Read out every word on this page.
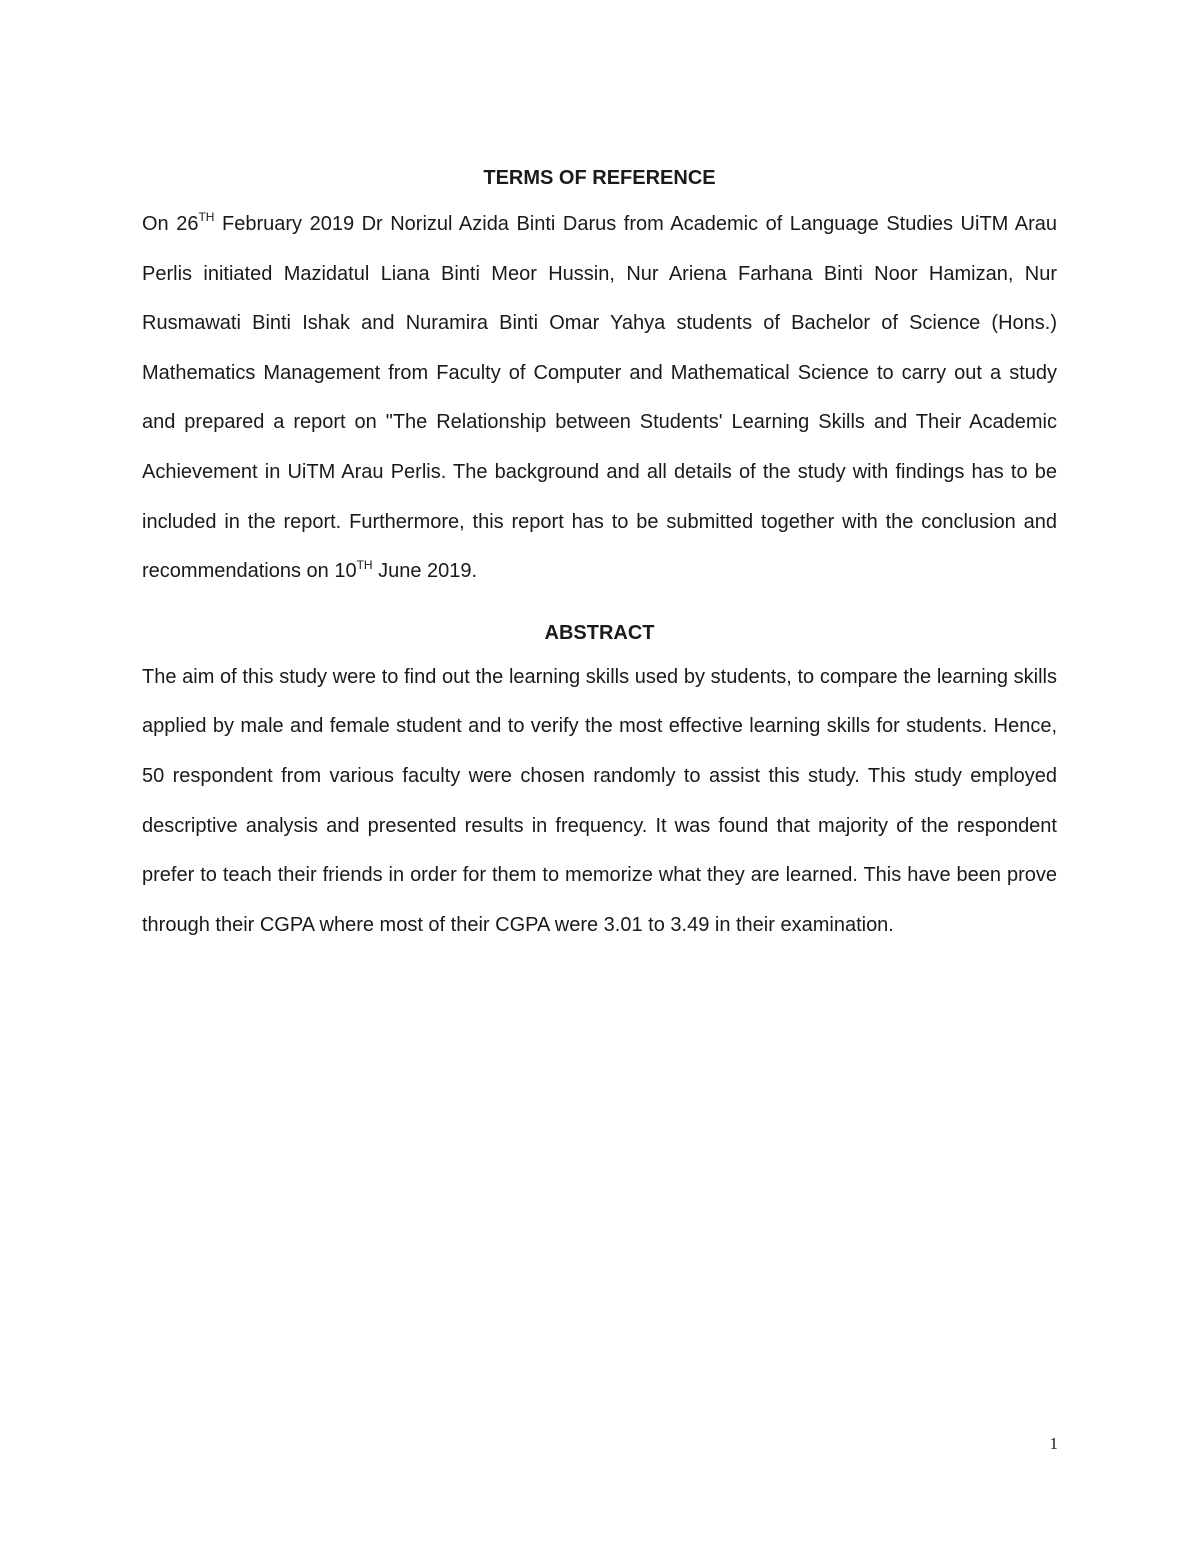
TERMS OF REFERENCE

On 26TH February 2019 Dr Norizul Azida Binti Darus from Academic of Language Studies UiTM Arau Perlis initiated Mazidatul Liana Binti Meor Hussin, Nur Ariena Farhana Binti Noor Hamizan, Nur Rusmawati Binti Ishak and Nuramira Binti Omar Yahya students of Bachelor of Science (Hons.) Mathematics Management from Faculty of Computer and Mathematical Science to carry out a study and prepared a report on "The Relationship between Students' Learning Skills and Their Academic Achievement in UiTM Arau Perlis. The background and all details of the study with findings has to be included in the report. Furthermore, this report has to be submitted together with the conclusion and recommendations on 10TH June 2019.

ABSTRACT

The aim of this study were to find out the learning skills used by students, to compare the learning skills applied by male and female student and to verify the most effective learning skills for students. Hence, 50 respondent from various faculty were chosen randomly to assist this study. This study employed descriptive analysis and presented results in frequency. It was found that majority of the respondent prefer to teach their friends in order for them to memorize what they are learned. This have been prove through their CGPA where most of their CGPA were 3.01 to 3.49 in their examination.

1
